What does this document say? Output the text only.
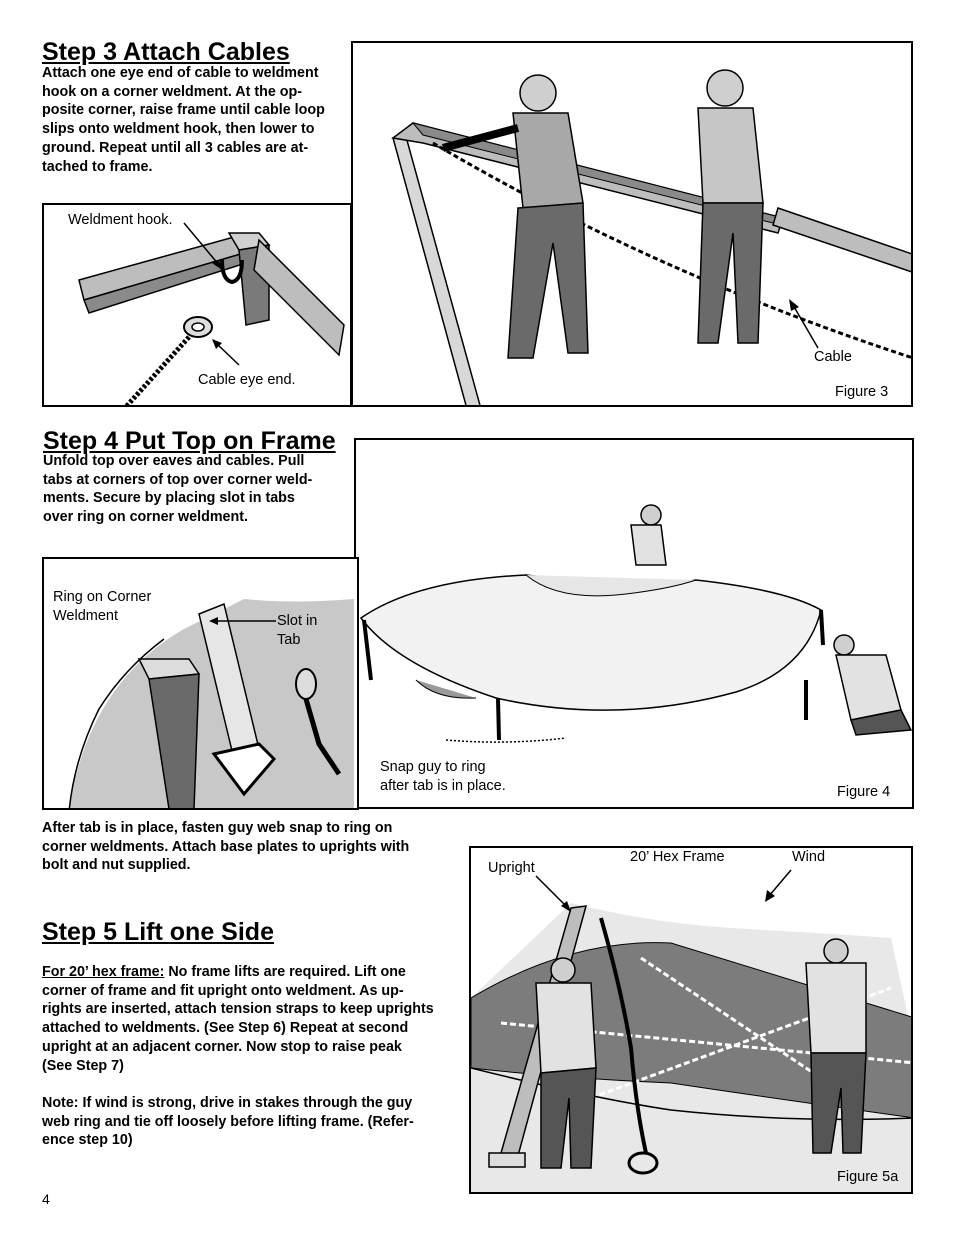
Step 3 Attach Cables
Attach one eye end of cable to weldment
hook on a corner weldment. At the op-
posite corner, raise frame until cable loop
slips onto weldment hook, then lower to
ground. Repeat until all 3 cables are at-
tached to frame.
Cable
Figure 3
Weldment hook.
Cable eye end.
Step 4 Put Top on Frame
Unfold top over eaves and cables. Pull
tabs at corners of top over corner weld-
ments. Secure by placing slot in tabs
over ring on corner weldment.
Figure 4
Ring on Corner
Weldment	Slot in
Tab
Snap guy to ring
after tab is in place.
After tab is in place, fasten guy web snap to ring on
corner weldments. Attach base plates to uprights with
bolt and nut supplied.
Step 5 Lift one Side
For 20’ hex frame: No frame lifts are required. Lift one
corner of frame and fit upright onto weldment. As up-
rights are inserted, attach tension straps to keep uprights
attached to weldments. (See Step 6) Repeat at second
upright at an adjacent corner. Now stop to raise peak
(See Step 7)
Note: If wind is strong, drive in stakes through the guy
web ring and tie off loosely before lifting frame. (Refer-
ence step 10)
Upright
20’ Hex Frame	Wind
Figure 5a
4
